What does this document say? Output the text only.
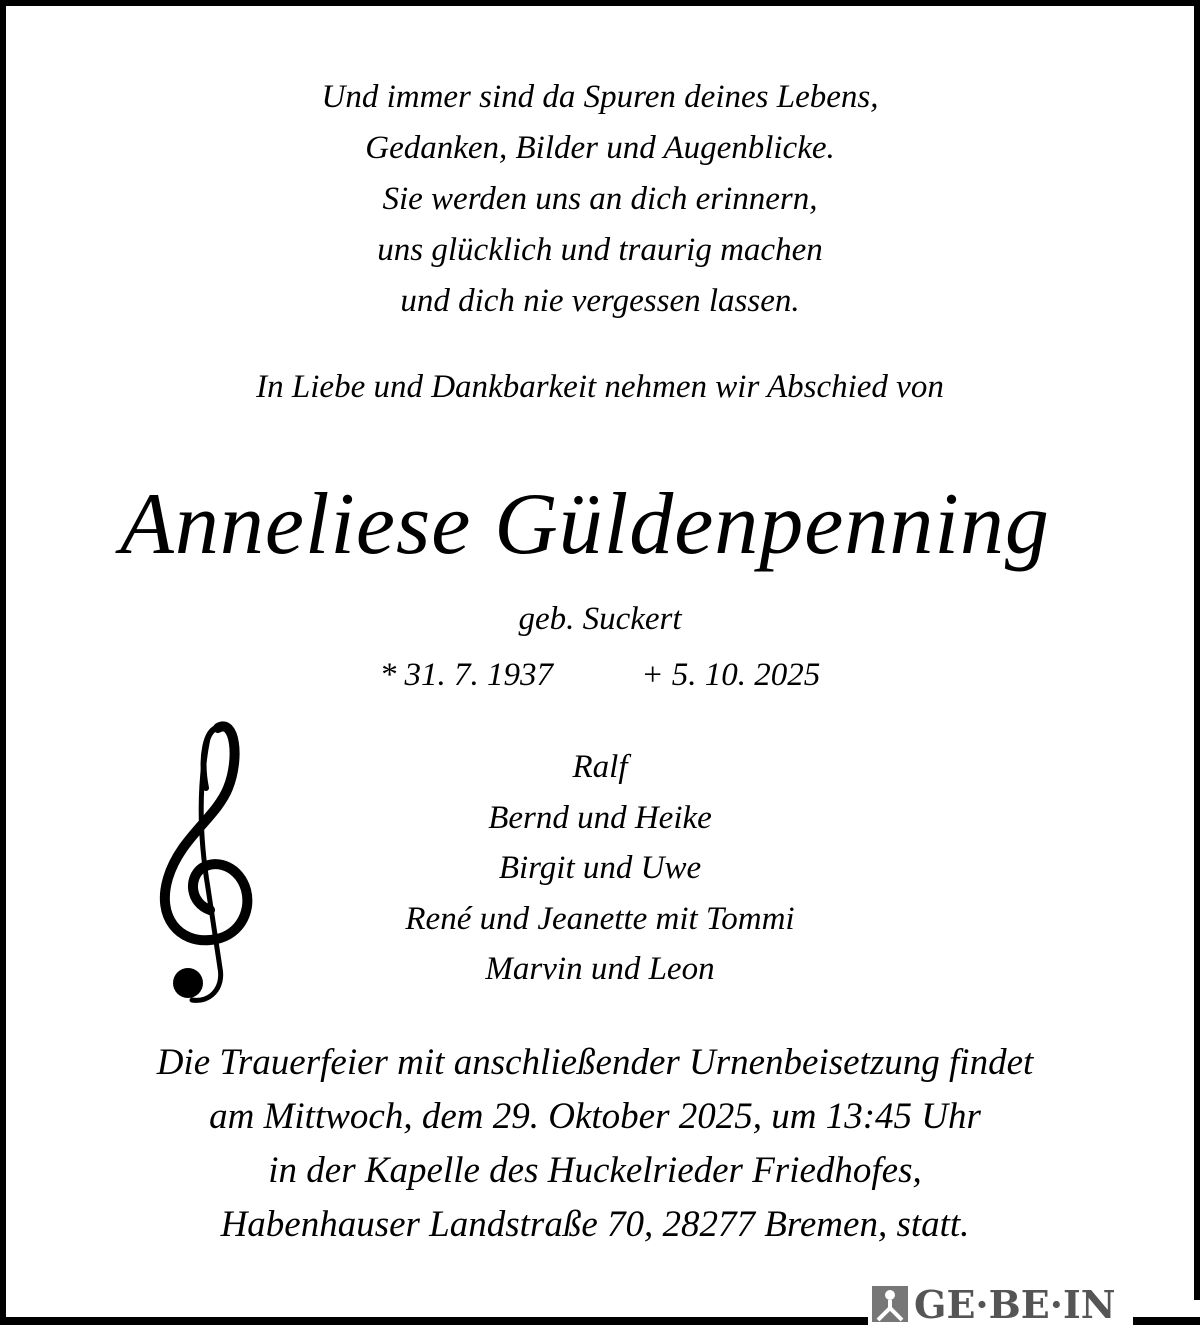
Und immer sind da Spuren deines Lebens,
Gedanken, Bilder und Augenblicke.
Sie werden uns an dich erinnern,
uns glücklich und traurig machen
und dich nie vergessen lassen.
In Liebe und Dankbarkeit nehmen wir Abschied von
Anneliese Güldenpenning
geb. Suckert
* 31. 7. 1937	+ 5. 10. 2025
Ralf
Bernd und Heike
Birgit und Uwe
René und Jeanette mit Tommi
Marvin und Leon
Die Trauerfeier mit anschließender Urnenbeisetzung findet
am Mittwoch, dem 29. Oktober 2025, um 13:45 Uhr
in der Kapelle des Huckelrieder Friedhofes,
Habenhauser Landstraße 70, 28277 Bremen, statt.
GE·BE·IN
